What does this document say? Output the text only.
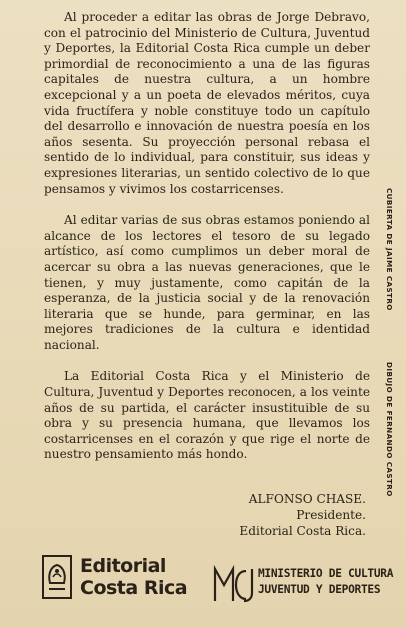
Al proceder a editar las obras de Jorge Debravo, con el patrocinio del Ministerio de Cultura, Juventud y Deportes, la Editorial Costa Rica cumple un deber primordial de reconocimiento a una de las figuras capitales de nuestra cultura, a un hombre excepcional y a un poeta de elevados méritos, cuya vida fructífera y noble constituye todo un capítulo del desarrollo e innovación de nuestra poesía en los años sesenta. Su proyección personal rebasa el sentido de lo individual, para constituir, sus ideas y expresiones literarias, un sentido colectivo de lo que pensamos y vivimos los costarricenses.

Al editar varias de sus obras estamos poniendo al alcance de los lectores el tesoro de su legado artístico, así como cumplimos un deber moral de acercar su obra a las nuevas generaciones, que le tienen, y muy justamente, como capitán de la esperanza, de la justicia social y de la renovación literaria que se hunde, para germinar, en las mejores tradiciones de la cultura e identidad nacional.

La Editorial Costa Rica y el Ministerio de Cultura, Juventud y Deportes reconocen, a los veinte años de su partida, el carácter insustituible de su obra y su presencia humana, que llevamos los costarricenses en el corazón y que rige el norte de nuestro pensamiento más hondo.

ALFONSO CHASE.
Presidente.
Editorial Costa Rica.
CUBIERTA DE JAIME CASTRO
DIBUJO DE FERNANDO CASTRO
Editorial
Costa Rica
MINISTERIO DE CULTURA
JUVENTUD Y DEPORTES
